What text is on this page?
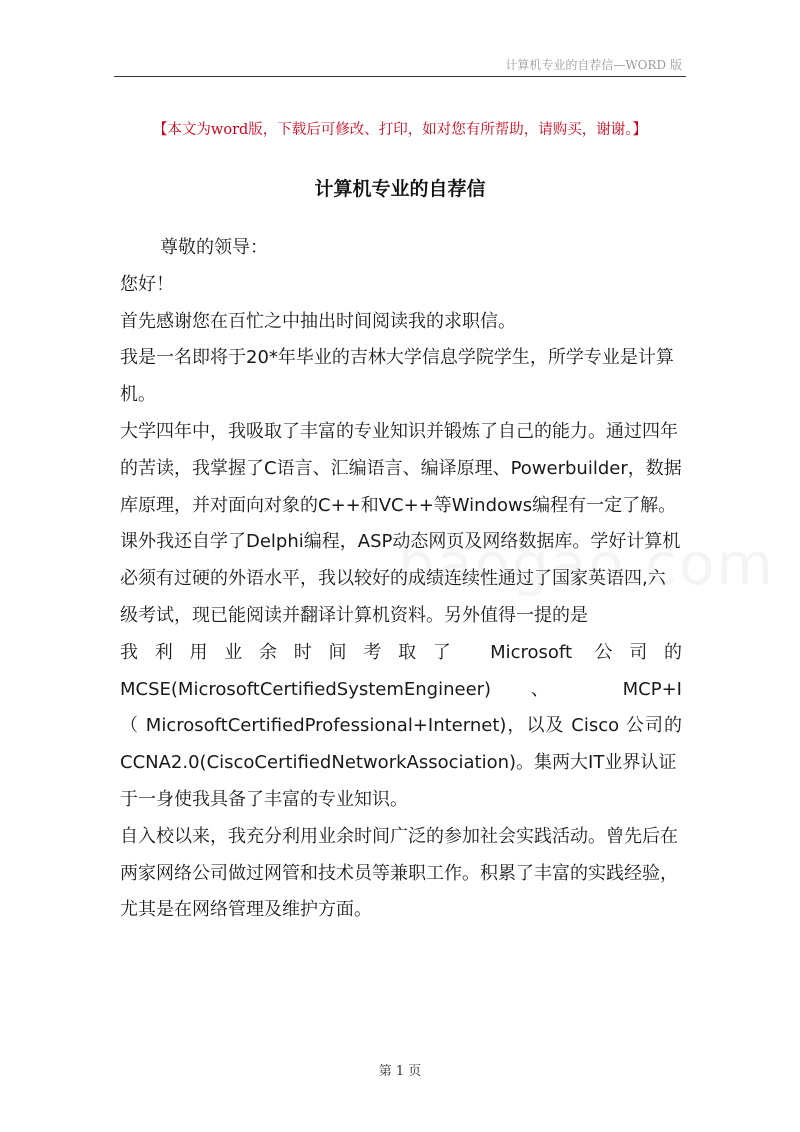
计算机专业的自荐信—WORD 版
【本文为word版，下载后可修改、打印，如对您有所帮助，请购买，谢谢。】
计算机专业的自荐信

尊敬的领导：

您好！

首先感谢您在百忙之中抽出时间阅读我的求职信。

我是一名即将于20*年毕业的吉林大学信息学院学生，所学专业是计算机。

大学四年中，我吸取了丰富的专业知识并锻炼了自己的能力。通过四年的苦读，我掌握了C语言、汇编语言、编译原理、Powerbuilder，数据库原理，并对面向对象的C++和VC++等Windows编程有一定了解。课外我还自学了Delphi编程，ASP动态网页及网络数据库。学好计算机必须有过硬的外语水平，我以较好的成绩连续性通过了国家英语四,六级考试，现已能阅读并翻译计算机资料。另外值得一提的是

我利用业余时间考取了 Microsoft 公司的

MCSE(MicrosoftCertifiedSystemEngineer) 、 MCP+I

（ MicrosoftCertifiedProfessional+Internet)，以及 Cisco 公司的

CCNA2.0(CiscoCertifiedNetworkAssociation)。集两大IT业界认证于一身使我具备了丰富的专业知识。

自入校以来，我充分利用业余时间广泛的参加社会实践活动。曾先后在两家网络公司做过网管和技术员等兼职工作。积累了丰富的实践经验，尤其是在网络管理及维护方面。

第 1 页
